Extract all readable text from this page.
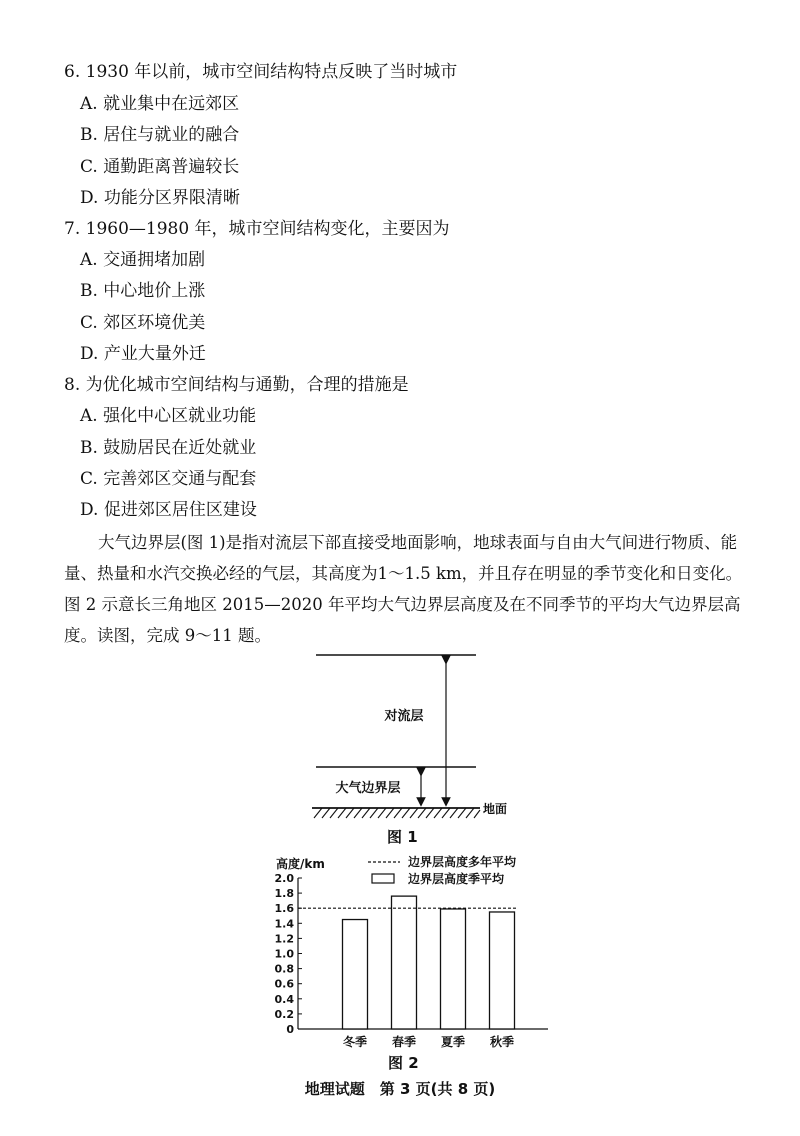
6. 1930 年以前，城市空间结构特点反映了当时城市
A. 就业集中在远郊区
B. 居住与就业的融合
C. 通勤距离普遍较长
D. 功能分区界限清晰
7. 1960—1980 年，城市空间结构变化，主要因为
A. 交通拥堵加剧
B. 中心地价上涨
C. 郊区环境优美
D. 产业大量外迁
8. 为优化城市空间结构与通勤，合理的措施是
A. 强化中心区就业功能
B. 鼓励居民在近处就业
C. 完善郊区交通与配套
D. 促进郊区居住区建设
大气边界层(图 1)是指对流层下部直接受地面影响，地球表面与自由大气间进行物质、能量、热量和水汽交换必经的气层，其高度为1～1.5 km，并且存在明显的季节变化和日变化。图 2 示意长三角地区 2015—2020 年平均大气边界层高度及在不同季节的平均大气边界层高度。读图，完成 9～11 题。
对流层
大气边界层
地面
图 1
高度/km	边界层高度多年平均
边界层高度季平均
2.0
1.8
1.6
1.4
1.2
1.0
0.8
0.6
0.4
0.2
0
冬季 春季 夏季 秋季
图 2
地理试题　第 3 页(共 8 页)
